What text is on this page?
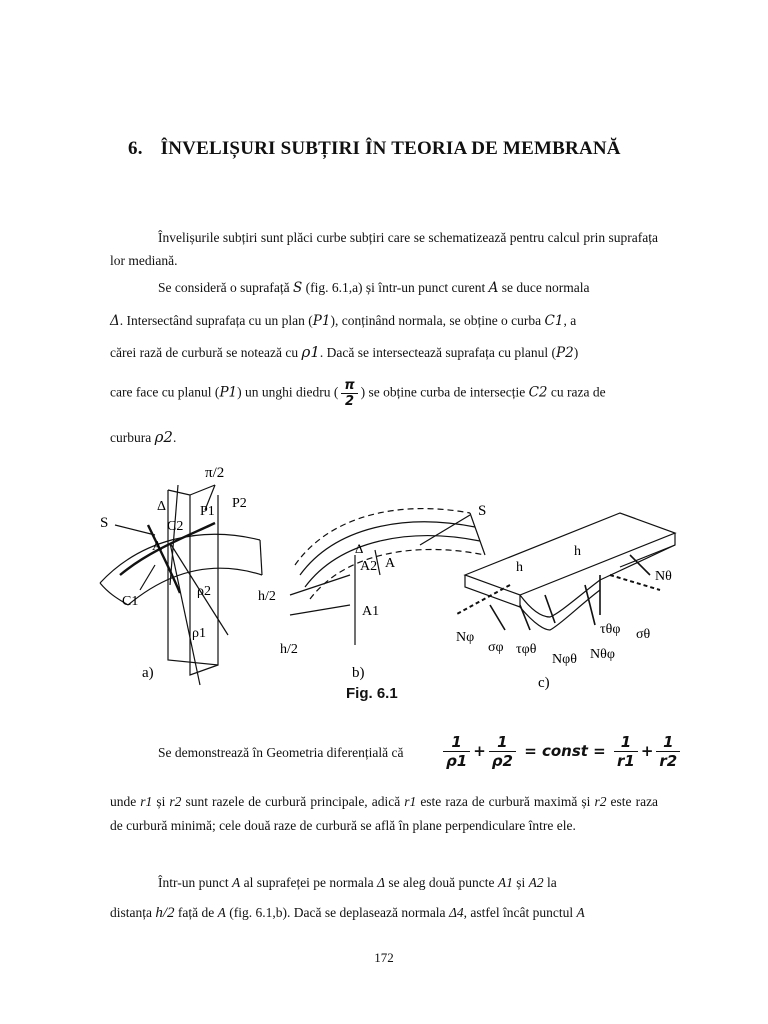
6. ÎNVELIȘURI SUBȚIRI ÎN TEORIA DE MEMBRANĂ
Învelișurile subțiri sunt plăci curbe subțiri care se schematizează pentru calcul prin suprafața lor mediană.
Se consideră o suprafață S (fig. 6.1,a) și într-un punct curent A se duce normala
Δ. Intersectând suprafața cu un plan (P1), conținând normala, se obține o curba C1, a
cărei rază de curbură se notează cu ρ1. Dacă se intersectează suprafața cu planul (P2)
care face cu planul (P1) un unghi diedru ( $\frac{\pi}{2}$ ) se obține curba de intersecție C2 cu raza de
curbura ρ2.
π/2
Δ
S
P1
P2
C2
A
ρ2
C1
ρ1
a)
S
Δ
A2 A
A1
h/2
h/2
b)
h
h
Nθ
Nφ
σφ τφθ
Nφθ Nθφ
τθφ σθ
c)
Fig. 6.1
Se demonstrează în Geometria diferențială că	$\frac{1}{\rho 1} + \frac{1}{\rho 2}$ = const = $\frac{1}{r1} + \frac{1}{r2}$
unde r1 și r2 sunt razele de curbură principale, adică r1 este raza de curbură maximă și r2 este raza de curbură minimă; cele două raze de curbură se află în plane perpendiculare între ele.
Într-un punct A al suprafeței pe normala Δ se aleg două puncte A1 și A2 la
distanța h/2 față de A (fig. 6.1,b). Dacă se deplasează normala Δ4, astfel încât punctul A
172
